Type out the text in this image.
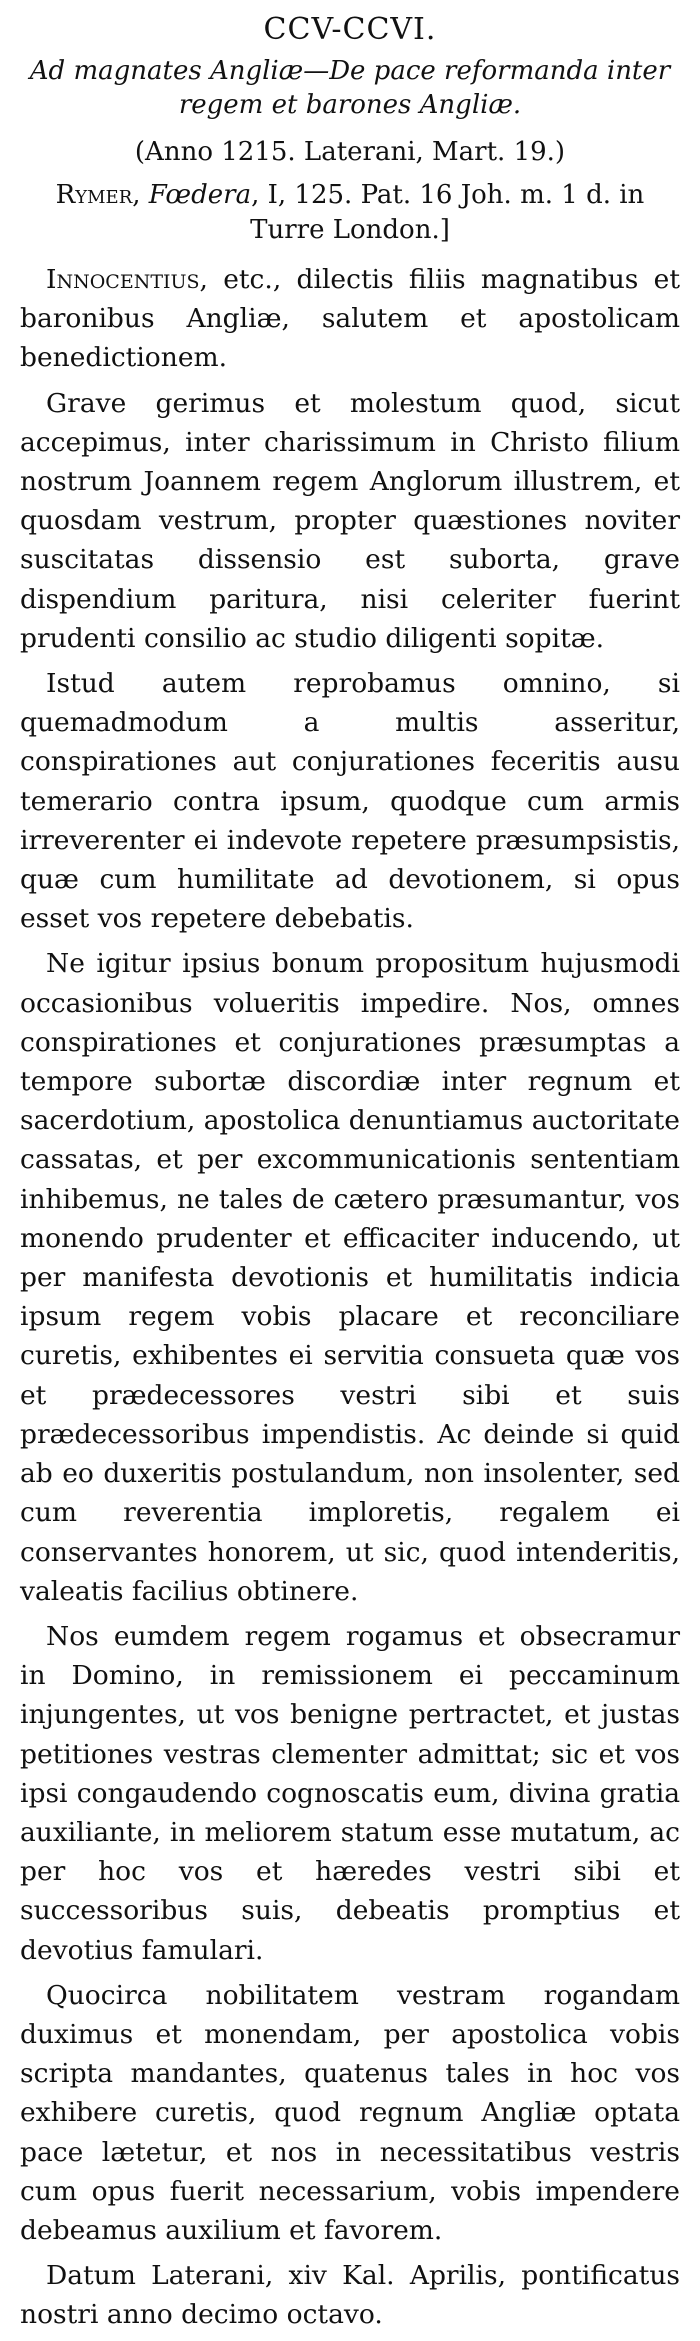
CCV-CCVI.
Ad magnates Angliæ—De pace reformanda inter regem et barones Angliæ.
(Anno 1215. Laterani, Mart. 19.)
Rymer, Fœdera, I, 125. Pat. 16 Joh. m. 1 d. in Turre London.]

Innocentius, etc., dilectis filiis magnatibus et baronibus Angliæ, salutem et apostolicam benedictionem.

Grave gerimus et molestum quod, sicut accepimus, inter charissimum in Christo filium nostrum Joannem regem Anglorum illustrem, et quosdam vestrum, propter quæstiones noviter suscitatas dissensio est suborta, grave dispendium paritura, nisi celeriter fuerint prudenti consilio ac studio diligenti sopitæ.

Istud autem reprobamus omnino, si quemadmodum a multis asseritur, conspirationes aut conjurationes feceritis ausu temerario contra ipsum, quodque cum armis irreverenter ei indevote repetere præsumpsistis, quæ cum humilitate ad devotionem, si opus esset vos repetere debebatis.

Ne igitur ipsius bonum propositum hujusmodi occasionibus volueritis impedire. Nos, omnes conspirationes et conjurationes præsumptas a tempore subortæ discordiæ inter regnum et sacerdotium, apostolica denuntiamus auctoritate cassatas, et per excommunicationis sententiam inhibemus, ne tales de cætero præsumantur, vos monendo prudenter et efficaciter inducendo, ut per manifesta devotionis et humilitatis indicia ipsum regem vobis placare et reconciliare curetis, exhibentes ei servitia consueta quæ vos et prædecessores vestri sibi et suis prædecessoribus impendistis. Ac deinde si quid ab eo duxeritis postulandum, non insolenter, sed cum reverentia imploretis, regalem ei conservantes honorem, ut sic, quod intenderitis, valeatis facilius obtinere.

Nos eumdem regem rogamus et obsecramur in Domino, in remissionem ei peccaminum injungentes, ut vos benigne pertractet, et justas petitiones vestras clementer admittat; sic et vos ipsi congaudendo cognoscatis eum, divina gratia auxiliante, in meliorem statum esse mutatum, ac per hoc vos et hæredes vestri sibi et successoribus suis, debeatis promptius et devotius famulari.

Quocirca nobilitatem vestram rogandam duximus et monendam, per apostolica vobis scripta mandantes, quatenus tales in hoc vos exhibere curetis, quod regnum Angliæ optata pace lætetur, et nos in necessitatibus vestris cum opus fuerit necessarium, vobis impendere debeamus auxilium et favorem.

Datum Laterani, xiv Kal. Aprilis, pontificatus nostri anno decimo octavo.
